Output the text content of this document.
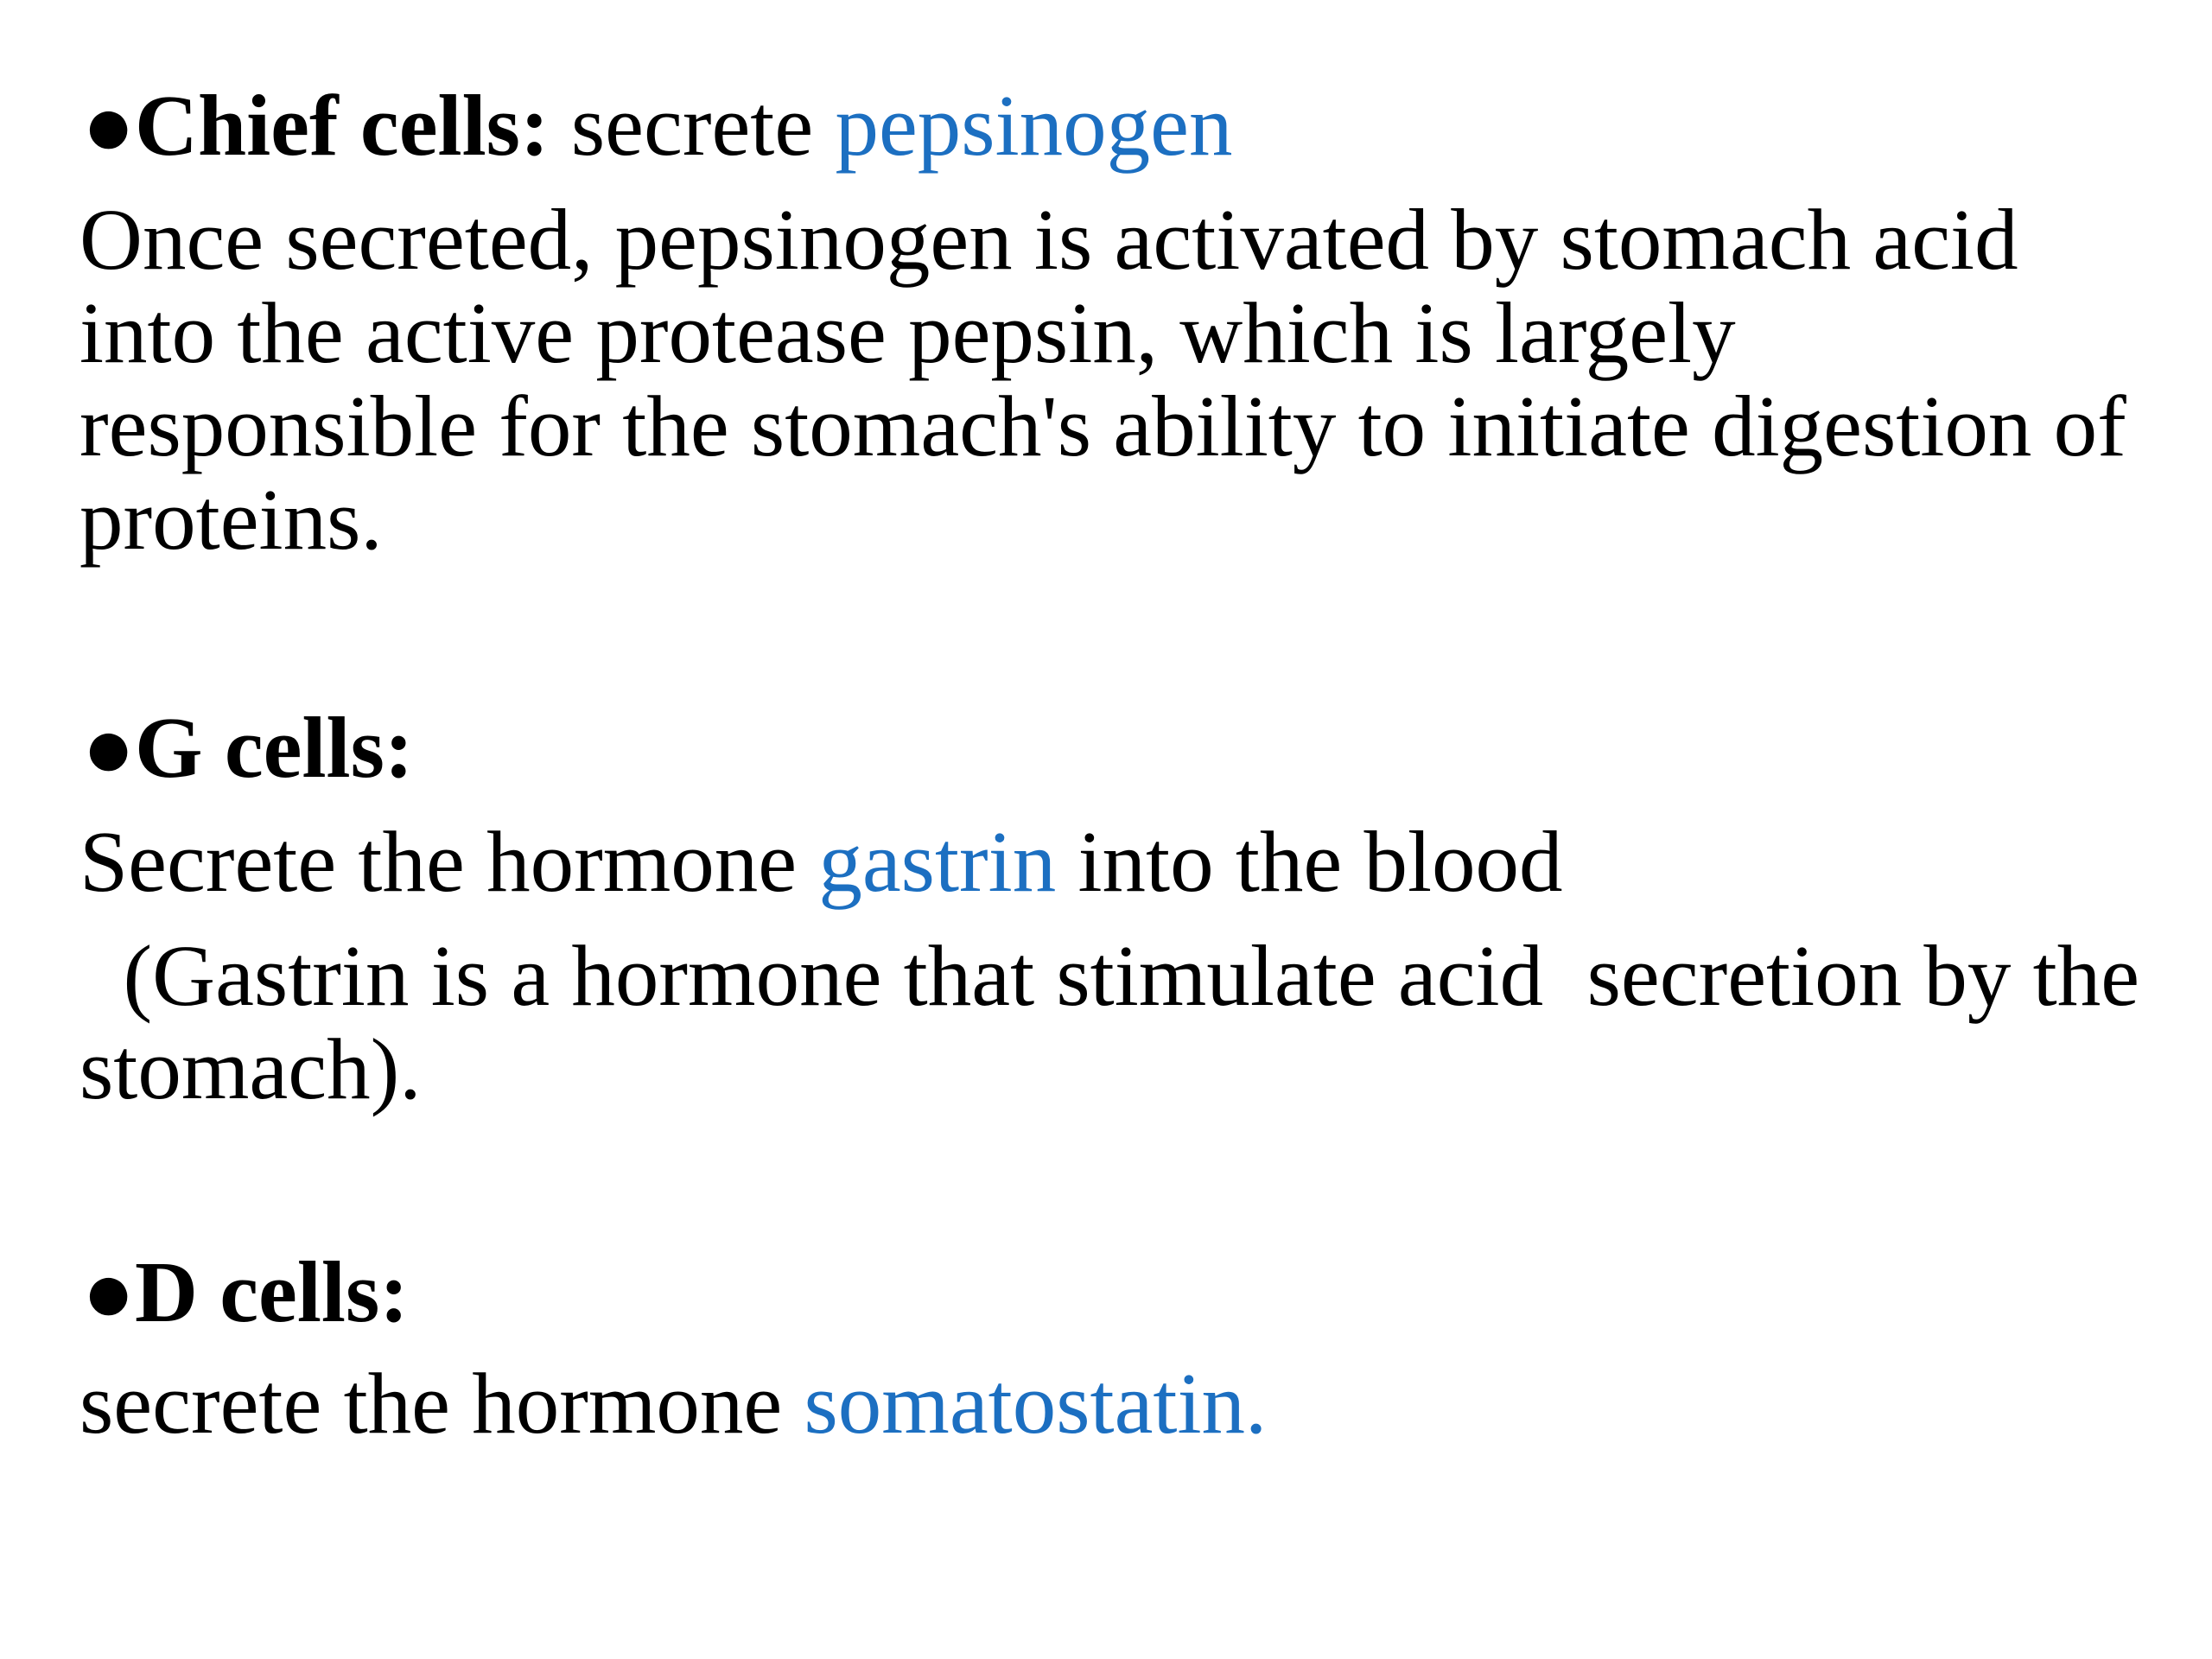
●Chief cells: secrete pepsinogen

Once secreted, pepsinogen is activated by stomach acid
into the active protease pepsin, which is largely
responsible for the stomach's ability to initiate digestion of
proteins.

●G cells:

Secrete the hormone gastrin into the blood

(Gastrin is a hormone that stimulate acid  secretion by the
stomach).

●D cells:

secrete the hormone somatostatin.
